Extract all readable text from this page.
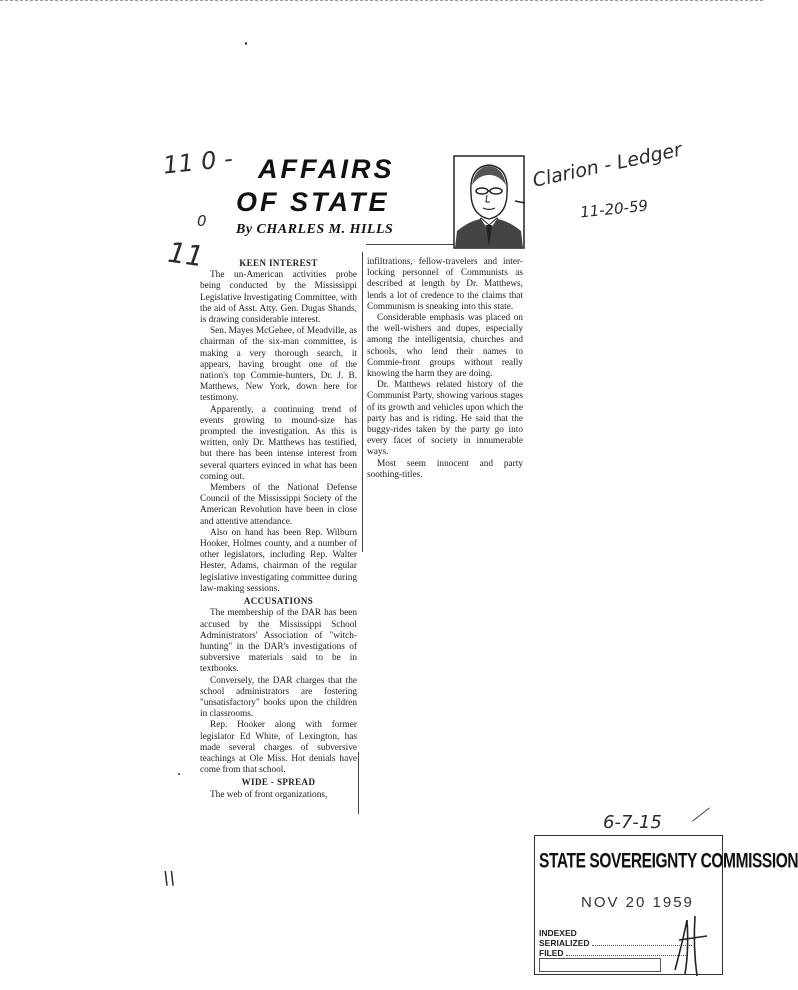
11 0 -
0
11
\\
Clarion - Ledger
11-20-59
6-7-15
AFFAIRS
OF STATE
By CHARLES M. HILLS
KEEN INTEREST

The un-American activities probe being conducted by the Mississippi Legislative Investigating Committee, with the aid of Asst. Atty. Gen. Dugas Shands, is drawing considerable interest.

Sen. Mayes McGehee, of Meadville, as chairman of the six-man committee, is making a very thorough search, it appears, having brought one of the nation's top Commie-hunters, Dr. J. B. Matthews, New York, down here for testimony.

Apparently, a continuing trend of events growing to mound-size has prompted the investigation. As this is written, only Dr. Matthews has testified, but there has been intense interest from several quarters evinced in what has been coming out.

Members of the National Defense Council of the Mississippi Society of the American Revolution have been in close and attentive attendance.

Also on hand has been Rep. Wilburn Hooker, Holmes county, and a number of other legislators, including Rep. Walter Hester, Adams, chairman of the regular legislative investigating committee during law-making sessions.

ACCUSATIONS

The membership of the DAR has been accused by the Mississippi School Administrators' Association of "witch-hunting" in the DAR's investigations of subversive materials said to be in textbooks.

Conversely, the DAR charges that the school administrators are fostering "unsatisfactory" books upon the children in classrooms.

Rep. Hooker along with former legislator Ed White, of Lexington, has made several charges of subversive teachings at Ole Miss. Hot denials have come from that school.

WIDE - SPREAD

The web of front organizations,

infiltrations, fellow-travelers and inter-locking personnel of Communists as described at length by Dr. Matthews, lends a lot of credence to the claims that Communism is sneaking into this state.

Considerable emphasis was placed on the well-wishers and dupes, especially among the intelligentsia, churches and schools, who lend their names to Commie-front groups without really knowing the harm they are doing.

Dr. Matthews related history of the Communist Party, showing various stages of its growth and vehicles upon which the party has and is riding. He said that the buggy-rides taken by the party go into every facet of society in innumerable ways.

Most seem innocent and party soothing-titles.

STATE SOVEREIGNTY COMMISSION
NOV 20 1959
INDEXED
SERIALIZED
FILED
